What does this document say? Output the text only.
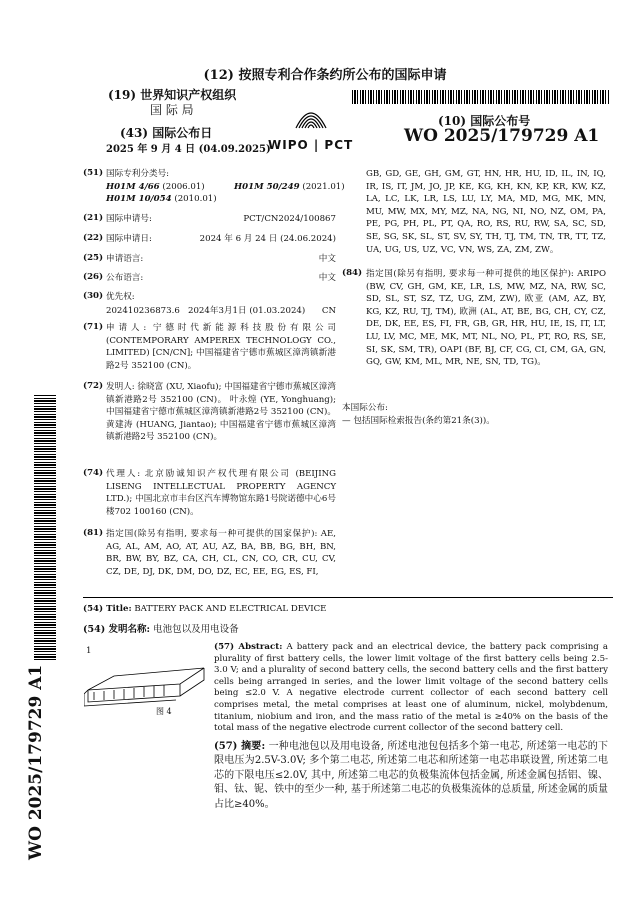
(12) 按照专利合作条约所公布的国际申请
(19) 世界知识产权组织
国 际 局
(43) 国际公布日
2025 年 9 月 4 日 (04.09.2025)
WIPO | PCT
(10) 国际公布号
WO 2025/179729 A1
WO 2025/179729 A1
(51) 国际专利分类号:
H01M 4/66 (2006.01)	H01M 50/249 (2021.01)
H01M 10/054 (2010.01)
(21) 国际申请号:	PCT/CN2024/100867
(22) 国际申请日:	2024 年 6 月 24 日 (24.06.2024)
(25) 申请语言:	中文
(26) 公布语言:	中文
(30) 优先权:
202410236873.6 2024年3月1日 (01.03.2024)	CN
(71) 申请人: 宁德时代新能源科技股份有限公司 (CONTEMPORARY AMPEREX TECHNOLOGY CO., LIMITED) [CN/CN]; 中国福建省宁德市蕉城区漳湾镇新港路2号 352100 (CN)。
(72) 发明人: 徐晓富 (XU, Xiaofu); 中国福建省宁德市蕉城区漳湾镇新港路2号 352100 (CN)。 叶永煌 (YE, Yonghuang); 中国福建省宁德市蕉城区漳湾镇新港路2号 352100 (CN)。 黄建涛 (HUANG, Jiantao); 中国福建省宁德市蕉城区漳湾镇新港路2号 352100 (CN)。
(74) 代理人: 北京励诚知识产权代理有限公司 (BEIJING LISENG INTELLECTUAL PROPERTY AGENCY LTD.); 中国北京市丰台区汽车博物馆东路1号院诺德中心6号楼702 100160 (CN)。
(81) 指定国(除另有指明, 要求每一种可提供的国家保护): AE, AG, AL, AM, AO, AT, AU, AZ, BA, BB, BG, BH, BN, BR, BW, BY, BZ, CA, CH, CL, CN, CO, CR, CU, CV, CZ, DE, DJ, DK, DM, DO, DZ, EC, EE, EG, ES, FI,
GB, GD, GE, GH, GM, GT, HN, HR, HU, ID, IL, IN, IQ, IR, IS, IT, JM, JO, JP, KE, KG, KH, KN, KP, KR, KW, KZ, LA, LC, LK, LR, LS, LU, LY, MA, MD, MG, MK, MN, MU, MW, MX, MY, MZ, NA, NG, NI, NO, NZ, OM, PA, PE, PG, PH, PL, PT, QA, RO, RS, RU, RW, SA, SC, SD, SE, SG, SK, SL, ST, SV, SY, TH, TJ, TM, TN, TR, TT, TZ, UA, UG, US, UZ, VC, VN, WS, ZA, ZM, ZW。
(84) 指定国(除另有指明, 要求每一种可提供的地区保护): ARIPO (BW, CV, GH, GM, KE, LR, LS, MW, MZ, NA, RW, SC, SD, SL, ST, SZ, TZ, UG, ZM, ZW), 欧亚 (AM, AZ, BY, KG, KZ, RU, TJ, TM), 欧洲 (AL, AT, BE, BG, CH, CY, CZ, DE, DK, EE, ES, FI, FR, GB, GR, HR, HU, IE, IS, IT, LT, LU, LV, MC, ME, MK, MT, NL, NO, PL, PT, RO, RS, SE, SI, SK, SM, TR), OAPI (BF, BJ, CF, CG, CI, CM, GA, GN, GQ, GW, KM, ML, MR, NE, SN, TD, TG)。
本国际公布:
— 包括国际检索报告(条约第21条(3))。
(54) Title: BATTERY PACK AND ELECTRICAL DEVICE
(54) 发明名称: 电池包以及用电设备
1
图 4
(57) Abstract: A battery pack and an electrical device, the battery pack comprising a plurality of first battery cells, the lower limit voltage of the first battery cells being 2.5-3.0 V; and a plurality of second battery cells, the second battery cells and the first battery cells being arranged in series, and the lower limit voltage of the second battery cells being ≤2.0 V. A negative electrode current collector of each second battery cell comprises metal, the metal comprises at least one of aluminum, nickel, molybdenum, titanium, niobium and iron, and the mass ratio of the metal is ≥40% on the basis of the total mass of the negative electrode current collector of the second battery cell.
(57) 摘要: 一种电池包以及用电设备, 所述电池包包括多个第一电芯, 所述第一电芯的下限电压为2.5V-3.0V; 多个第二电芯, 所述第二电芯和所述第一电芯串联设置, 所述第二电芯的下限电压≤2.0V, 其中, 所述第二电芯的负极集流体包括金属, 所述金属包括铝、镍、钼、钛、铌、铁中的至少一种, 基于所述第二电芯的负极集流体的总质量, 所述金属的质量占比≥40%。
